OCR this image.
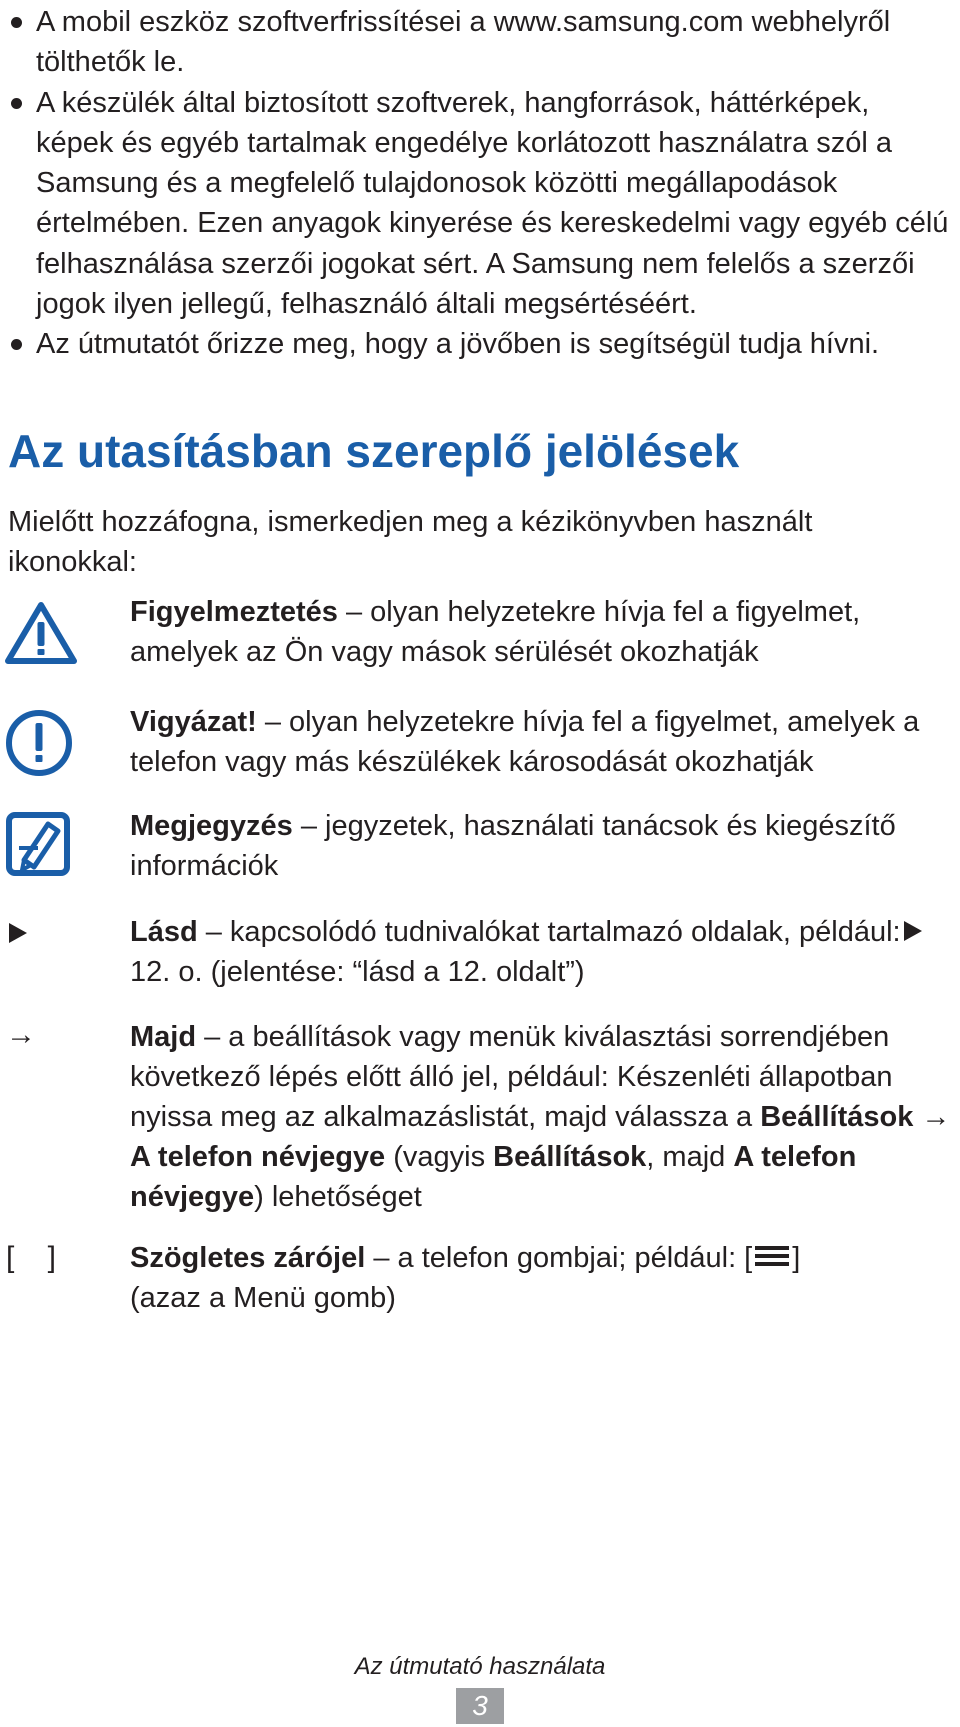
A mobil eszköz szoftverfrissítései a www.samsung.com webhelyről tölthetők le.
A készülék által biztosított szoftverek, hangforrások, háttérképek, képek és egyéb tartalmak engedélye korlátozott használatra szól a Samsung és a megfelelő tulajdonosok közötti megállapodások értelmében. Ezen anyagok kinyerése és kereskedelmi vagy egyéb célú felhasználása szerzői jogokat sért. A Samsung nem felelős a szerzői jogok ilyen jellegű, felhasználó általi megsértéséért.
Az útmutatót őrizze meg, hogy a jövőben is segítségül tudja hívni.
Az utasításban szereplő jelölések
Mielőtt hozzáfogna, ismerkedjen meg a kézikönyvben használt ikonokkal:
Figyelmeztetés – olyan helyzetekre hívja fel a figyelmet, amelyek az Ön vagy mások sérülését okozhatják
Vigyázat! – olyan helyzetekre hívja fel a figyelmet, amelyek a telefon vagy más készülékek károsodását okozhatják
Megjegyzés – jegyzetek, használati tanácsok és kiegészítő információk
Lásd – kapcsolódó tudnivalókat tartalmazó oldalak, például: 12. o. (jelentése: “lásd a 12. oldalt”)
→	Majd – a beállítások vagy menük kiválasztási sorrendjében következő lépés előtt álló jel, például: Készenléti állapotban nyissa meg az alkalmazáslistát, majd válassza a Beállítások → A telefon névjegye (vagyis Beállítások, majd A telefon névjegye) lehetőséget
[    ]	Szögletes zárójel – a telefon gombjai; például: [ ]
(azaz a Menü gomb)
Az útmutató használata
3
